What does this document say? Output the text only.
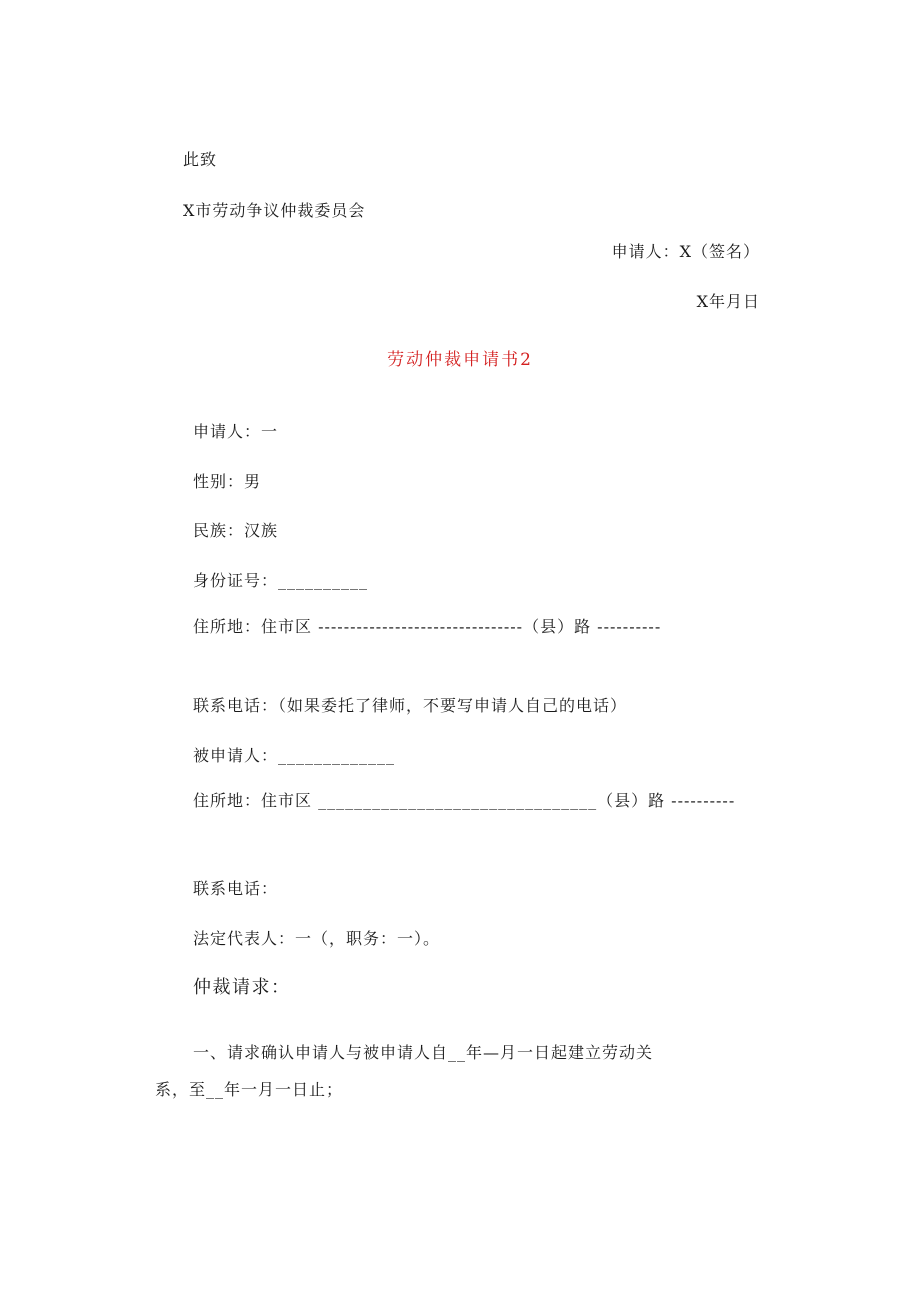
此致
X市劳动争议仲裁委员会
申请人：X（签名）
X年月日
劳动仲裁申请书2
申请人：一
性别：男
民族：汉族
身份证号：__________
住所地：住市区 --------------------------------（县）路 ----------
联系电话：（如果委托了律师，不要写申请人自己的电话）
被申请人：_____________
住所地：住市区 _______________________________（县）路 ----------
联系电话：
法定代表人：一（，职务：一）。
仲裁请求：
一、请求确认申请人与被申请人自__年—月一日起建立劳动关
系，至__年一月一日止；
